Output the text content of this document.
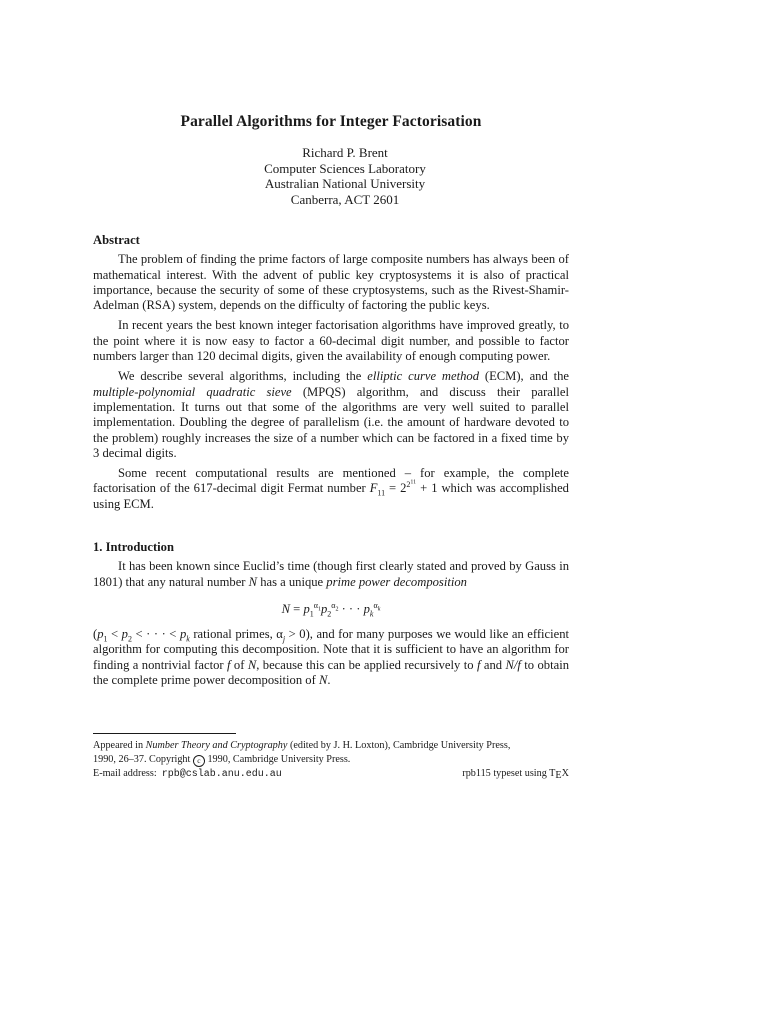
Parallel Algorithms for Integer Factorisation
Richard P. Brent
Computer Sciences Laboratory
Australian National University
Canberra, ACT 2601
Abstract

The problem of finding the prime factors of large composite numbers has always been of mathematical interest. With the advent of public key cryptosystems it is also of practical importance, because the security of some of these cryptosystems, such as the Rivest-Shamir-Adelman (RSA) system, depends on the difficulty of factoring the public keys.

In recent years the best known integer factorisation algorithms have improved greatly, to the point where it is now easy to factor a 60-decimal digit number, and possible to factor numbers larger than 120 decimal digits, given the availability of enough computing power.

We describe several algorithms, including the elliptic curve method (ECM), and the multiple-polynomial quadratic sieve (MPQS) algorithm, and discuss their parallel implementation. It turns out that some of the algorithms are very well suited to parallel implementation. Doubling the degree of parallelism (i.e. the amount of hardware devoted to the problem) roughly increases the size of a number which can be factored in a fixed time by 3 decimal digits.

Some recent computational results are mentioned – for example, the complete factorisation of the 617-decimal digit Fermat number $F_{11} = 2^{2^{11}} + 1$ which was accomplished using ECM.

1. Introduction

It has been known since Euclid’s time (though first clearly stated and proved by Gauss in 1801) that any natural number N has a unique prime power decomposition

$N = p_1^{\alpha_1}p_2^{\alpha_2}$ · · · $p_k^{\alpha_k}$

($p_1 < p_2$ < · · · < $p_k$ rational primes, $\alpha_j > 0$), and for many purposes we would like an efficient algorithm for computing this decomposition. Note that it is sufficient to have an algorithm for finding a nontrivial factor f of N, because this can be applied recursively to f and N/f to obtain the complete prime power decomposition of N.

Appeared in Number Theory and Cryptography (edited by J. H. Loxton), Cambridge University Press,
1990, 26–37. Copyright c 1990, Cambridge University Press.
E-mail address: rpb@cslab.anu.edu.au	rpb115 typeset using TEX
